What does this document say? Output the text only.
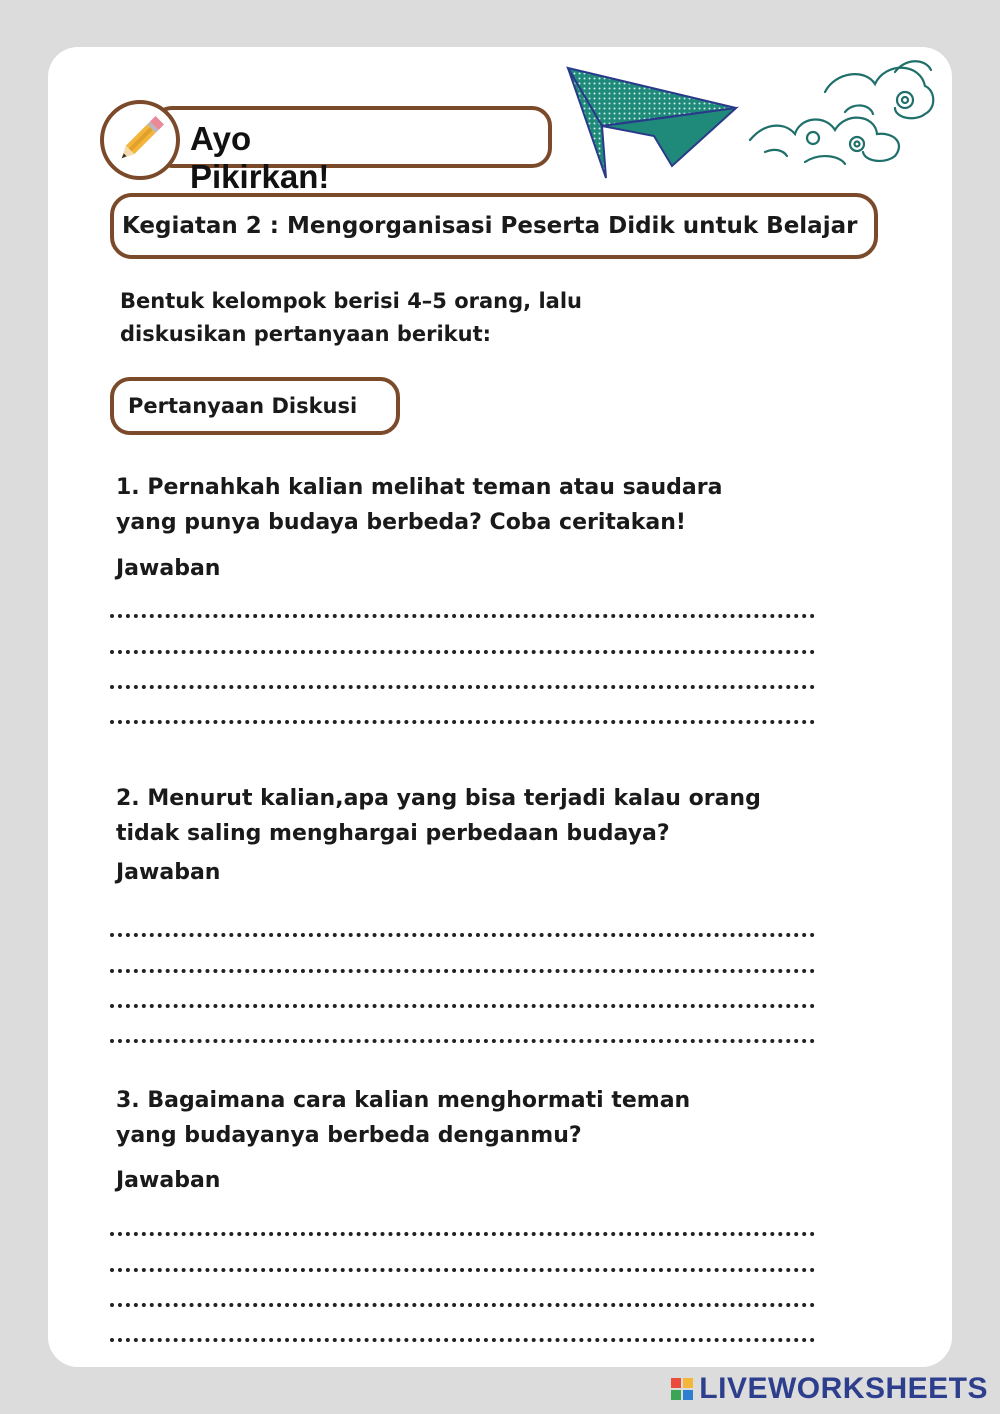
Ayo Pikirkan!
Kegiatan 2 : Mengorganisasi Peserta Didik untuk Belajar
Bentuk kelompok berisi 4–5 orang, lalu
diskusikan pertanyaan berikut:
Pertanyaan Diskusi
1. Pernahkah kalian melihat teman atau saudara
yang punya budaya berbeda? Coba ceritakan!
Jawaban
2. Menurut kalian,apa yang bisa terjadi kalau orang
tidak saling menghargai perbedaan budaya?
Jawaban
3. Bagaimana cara kalian menghormati teman
yang budayanya berbeda denganmu?
Jawaban
LIVEWORKSHEETS
